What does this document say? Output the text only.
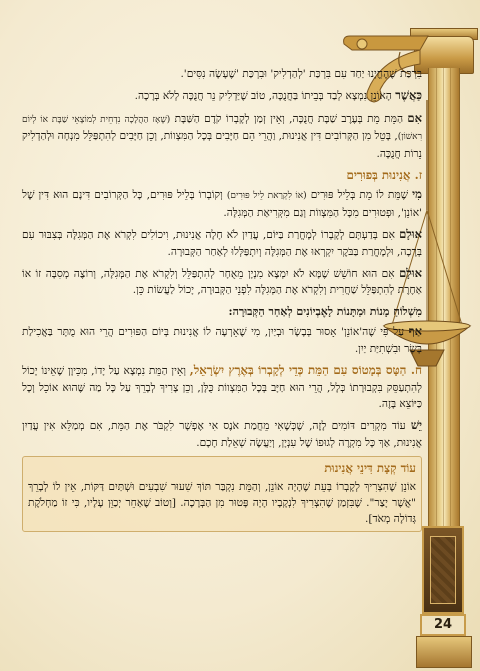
24

בִּרְכַּת שֶׁהֶחֱיָנוּ יַחַד עִם בִּרְכַּת 'לְהַדְלִיק' וּבִרְכַּת 'שֶׁעָשָׂה נִסִּים'.

כַּאֲשֶׁר הָאוֹנֵן נִמְצָא לְבַד בְּבֵיתוֹ בַּחֲנֻכָּה, טוֹב שֶׁיַּדְלִיק נֵר חֲנֻכָּה לְלֹא בְּרָכָה.

אִם הַמֵּת מֵת בְּעֶרֶב שַׁבָּת חֲנֻכָּה, וְאֵין זְמַן לְקָבְרוֹ קֹדֶם הַשַּׁבָּת (שֶׁאָז הַהֲלָכָה נִדְחֵית לְמוֹצָאֵי שַׁבָּת אוֹ לְיוֹם רִאשׁוֹן), בָּטֵל מִן הַקְּרוֹבִים דִּין אֲנִינוּת, וַהֲרֵי הֵם חַיָּבִים בְּכָל הַמִּצְווֹת, וְכֵן חַיָּבִים לְהִתְפַּלֵּל מִנְחָה וּלְהַדְלִיק נֵרוֹת חֲנֻכָּה.

ז. אֲנִינוּת בְּפוּרִים

מִי שֶׁמֵּת לוֹ מֵת בְּלֵיל פּוּרִים (אוֹ לִקְרַאת לֵיל פּוּרִים) וְקוֹבְרוֹ בְּלֵיל פּוּרִים, כָּל הַקְּרוֹבִים דִּינָם הוּא דִּין שֶׁל 'אוֹנֵן', וּפְטוּרִים מִכָּל הַמִּצְווֹת וְגַם מִקְּרִיאַת הַמְּגִלָּה.

אוּלָם אִם בְּדַעְתָּם לְקָבְרוֹ לְמָחֳרַת בַּיּוֹם, עֲדַיִן לֹא חָלָה אֲנִינוּת, וִיכוֹלִים לִקְרֹא אֶת הַמְּגִלָּה בְּצִבּוּר עִם בְּרָכָה, וּלְמָחֳרַת בַּבֹּקֶר יִקְרְאוּ אֶת הַמְּגִלָּה וְיִתְפַּלְּלוּ לְאַחַר הַקְּבוּרָה.

אוּלָם אִם הוּא חוֹשֵׁשׁ שֶׁמָּא לֹא יִמְצָא מִנְיָן מֵאֻחָר לְהִתְפַּלֵּל וְלִקְרֹא אֶת הַמְּגִלָּה, וְרוֹצֶה מְסִבָּה זוֹ אוֹ אַחֶרֶת לְהִתְפַּלֵּל שַׁחֲרִית וְלִקְרֹא אֶת הַמְּגִלָּה לִפְנֵי הַקְּבוּרָה, יָכוֹל לַעֲשׂוֹת כֵּן.

מִשְׁלוֹחַ מָנוֹת וּמַתָּנוֹת לָאֶבְיוֹנִים לְאַחַר הַקְּבוּרָה:

אַף עַל פִּי שֶׁה'אוֹנֵן' אָסוּר בְּבָשָׂר וּבְיַיִן, מִי שֶׁאֵרְעָה לוֹ אֲנִינוּת בְּיוֹם הַפּוּרִים הֲרֵי הוּא מֻתָּר בַּאֲכִילַת בָּשָׂר וּבִשְׁתִיַּת יַיִן.

ח. הַטָּס בְּמָטוֹס עִם הַמֵּת כְּדֵי לְקָבְרוֹ בְּאֶרֶץ יִשְׂרָאֵל, וְאֵין הַמֵּת נִמְצָא עַל יָדוֹ, מִכֵּיוָן שֶׁאֵינוֹ יָכוֹל לְהִתְעַסֵּק בִּקְבוּרָתוֹ כְּלָל, הֲרֵי הוּא חַיָּב בְּכָל הַמִּצְווֹת כֻּלָּן, וְכֵן צָרִיךְ לְבָרֵךְ עַל כָּל מַה שֶּׁהוּא אוֹכֵל וְכָל כַּיּוֹצֵא בָּזֶה.

יֵשׁ עוֹד מִקְרִים דּוֹמִים לָזֶה, שֶׁכְּשֶׁאִי מֵחֲמַת אֹנֶס אִי אֶפְשָׁר לִקְבֹּר אֶת הַמֵּת, אִם מְמַלֵּא אִין עֲדַיִן אֲנִינוּת, אַךְ כָּל מִקְרֶה לְגוּפוֹ שֶׁל עִנְיָן, וְיַעֲשֶׂה שְׁאֵלַת חָכָם.

עוֹד קְצָת דִּינֵי אֲנִינוּת
אוֹנֵן שֶׁהִצְרִיךְ לְקָבְרוֹ בְּעֵת שֶׁהָיָה אוֹנֵן, וְהַמֵּת נִקְבַּר תּוֹךְ שִׁעוּר שִׁבְעִים וּשְׁתַּיִם דַּקּוֹת, אֵין לוֹ לְבָרֵךְ "אֲשֶׁר יָצַר". שֶׁבִּזְמַן שֶׁהִצְרִיךְ לִנְקָבָיו הָיָה פָּטוּר מִן הַבְּרָכָה. [וְטוֹב שֶׁאַחֵר יְכַוֵּן עָלָיו, כִּי זוֹ מַחְלֹקֶת גְּדוֹלָה מְאֹד].
